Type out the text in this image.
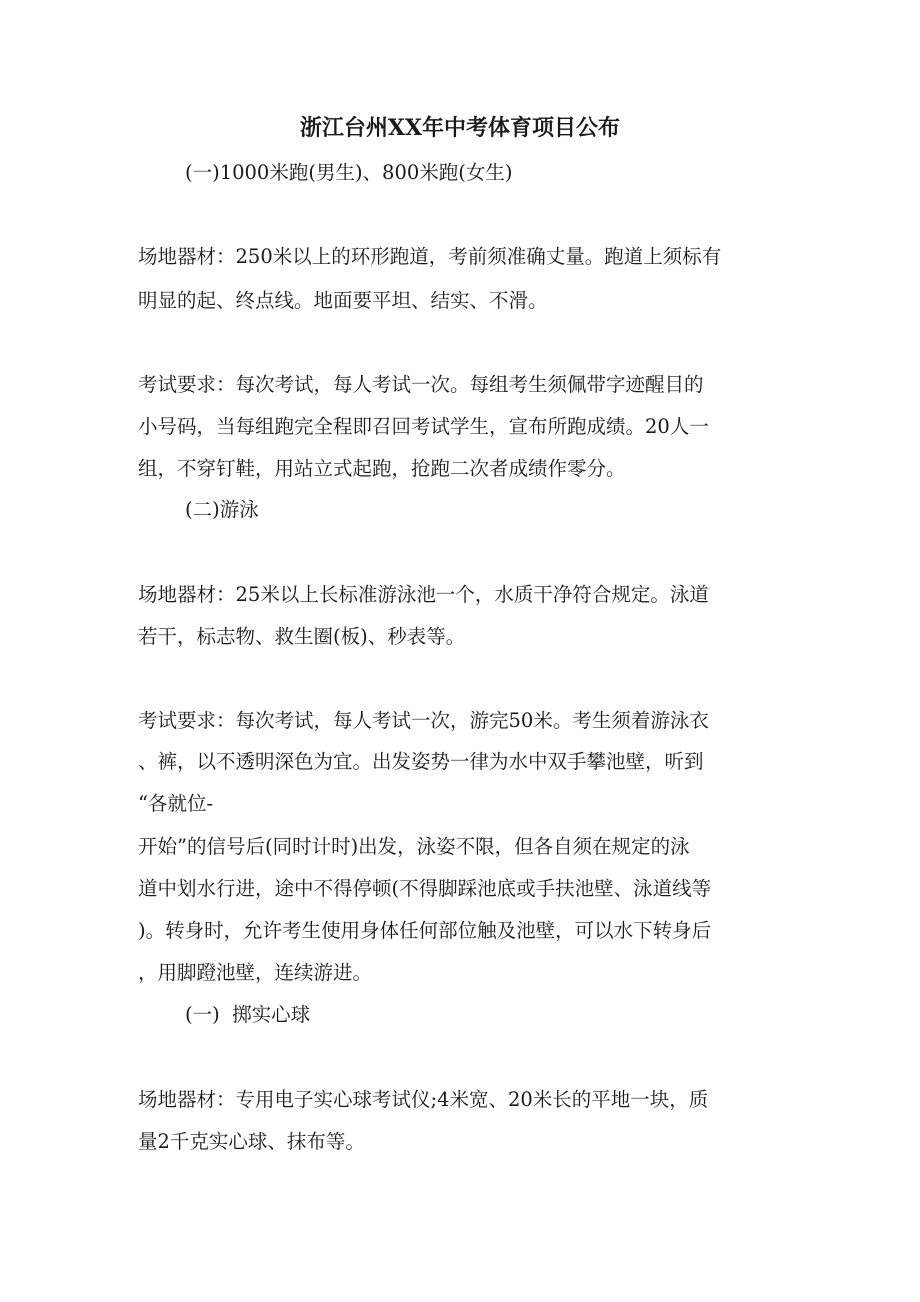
浙江台州XX年中考体育项目公布

(一)1000米跑(男生)、800米跑(女生)

场地器材：250米以上的环形跑道，考前须准确丈量。跑道上须标有

明显的起、终点线。地面要平坦、结实、不滑。

考试要求：每次考试，每人考试一次。每组考生须佩带字迹醒目的

小号码，当每组跑完全程即召回考试学生，宣布所跑成绩。20人一

组，不穿钉鞋，用站立式起跑，抢跑二次者成绩作零分。

(二)游泳

场地器材：25米以上长标准游泳池一个，水质干净符合规定。泳道

若干，标志物、救生圈(板)、秒表等。

考试要求：每次考试，每人考试一次，游完50米。考生须着游泳衣

、裤，以不透明深色为宜。出发姿势一律为水中双手攀池壁，听到

“各就位-

开始”的信号后(同时计时)出发，泳姿不限，但各自须在规定的泳

道中划水行进，途中不得停顿(不得脚踩池底或手扶池壁、泳道线等

)。转身时，允许考生使用身体任何部位触及池壁，可以水下转身后

，用脚蹬池壁，连续游进。

(一)  掷实心球

场地器材：专用电子实心球考试仪;4米宽、20米长的平地一块，质

量2千克实心球、抹布等。
